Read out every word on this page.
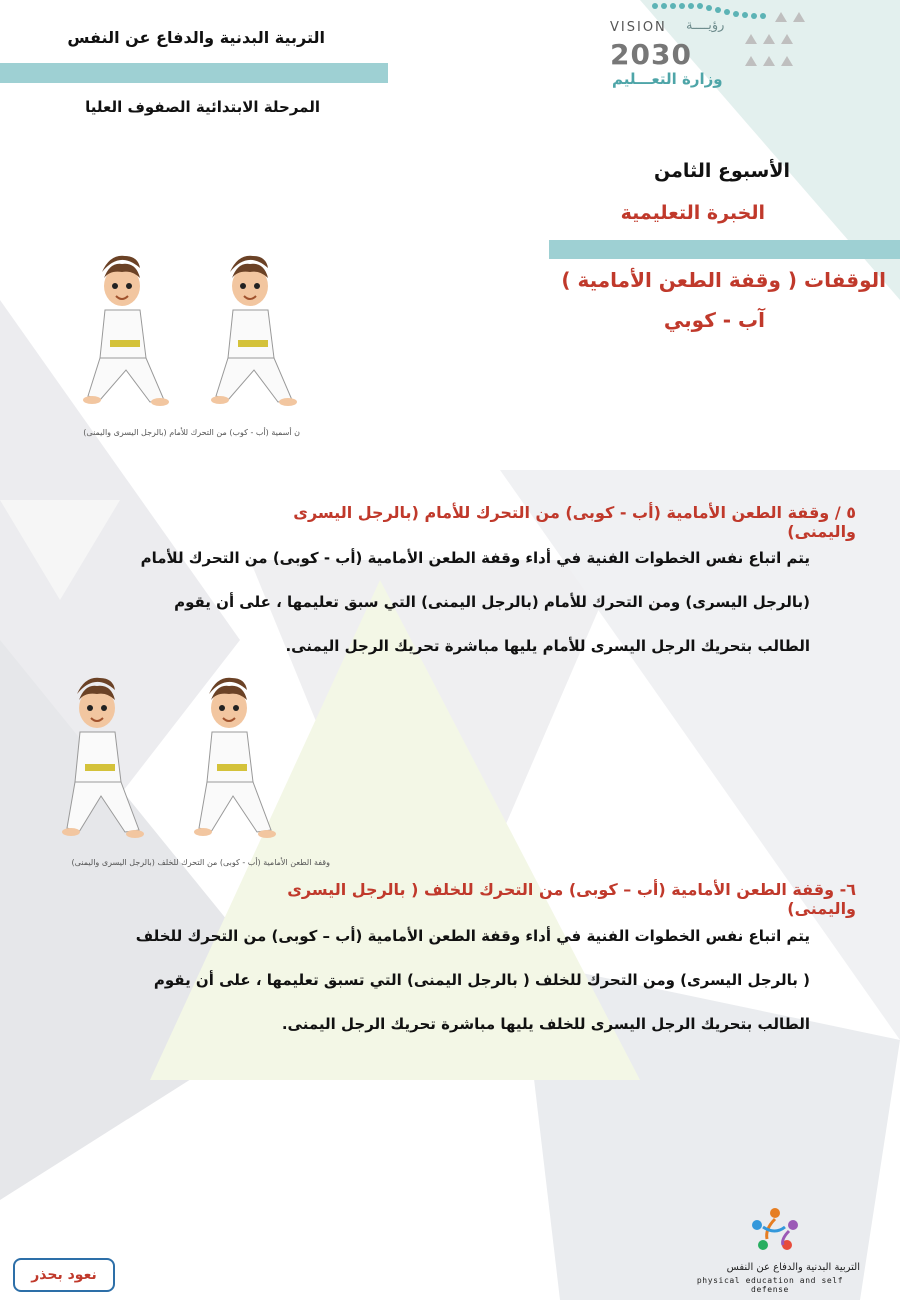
التربية البدنية والدفاع عن النفس
المرحلة الابتدائية الصفوف العليا
VISION رؤيــــة
2030
وزارة التعـــليم
الأسبوع الثامن
الخبرة التعليمية
الوقفات ( وقفة الطعن الأمامية )
آب - كوبي
ن أسمية (أب - كوب) من التحرك للأمام (بالرجل اليسرى واليمنى)
٥ / وقفة الطعن الأمامية (أب - كوبى) من التحرك للأمام (بالرجل اليسرى واليمنى)
يتم اتباع نفس الخطوات الفنية في أداء وقفة الطعن الأمامية (أب - كوبى) من التحرك للأمام
(بالرجل اليسرى) ومن التحرك للأمام (بالرجل اليمنى) التي سبق تعليمها ، على أن يقوم
الطالب بتحريك الرجل اليسرى للأمام يليها مباشرة تحريك الرجل اليمنى.
وقفة الطعن الأمامية (أب - كوبى) من التحرك للخلف (بالرجل اليسرى واليمنى)
٦- وقفة الطعن الأمامية (أب – كوبى) من التحرك للخلف ( بالرجل اليسرى واليمنى)
يتم اتباع نفس الخطوات الفنية في أداء وقفة الطعن الأمامية (أب – كوبى) من التحرك للخلف
( بالرجل اليسرى) ومن التحرك للخلف ( بالرجل اليمنى) التي تسبق تعليمها ، على أن يقوم
الطالب بتحريك الرجل اليسرى للخلف يليها مباشرة تحريك الرجل اليمنى.
التربية البدنية والدفاع عن النفس
physical education and self defense
نعود بحذر
